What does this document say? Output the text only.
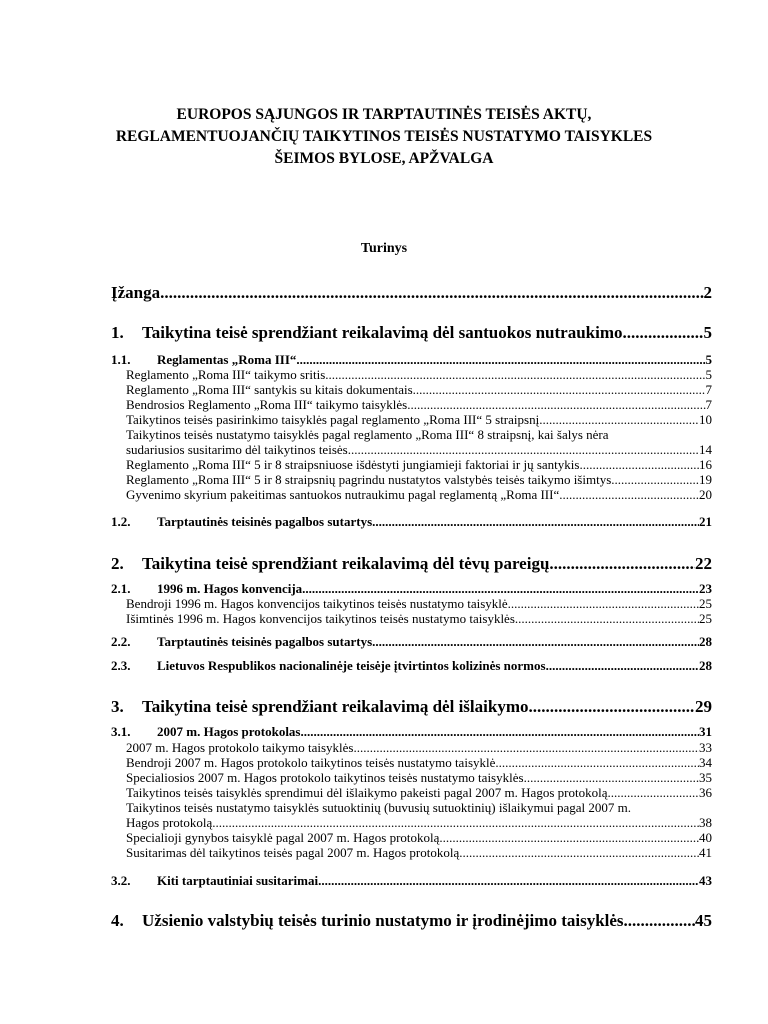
EUROPOS SĄJUNGOS IR TARPTAUTINĖS TEISĖS AKTŲ,
REGLAMENTUOJANČIŲ TAIKYTINOS TEISĖS NUSTATYMO TAISYKLES
ŠEIMOS BYLOSE, APŽVALGA
Turinys
Įžanga .....	2
1.	Taikytina teisė sprendžiant reikalavimą dėl santuokos nutraukimo .....	5
1.1.	Reglamentas „Roma III“ .....	5
Reglamento „Roma III“ taikymo sritis .....	5
Reglamento „Roma III“ santykis su kitais dokumentais .....	7
Bendrosios Reglamento „Roma III“ taikymo taisyklės .....	7
Taikytinos teisės pasirinkimo taisyklės pagal reglamento „Roma III“ 5 straipsnį .....	10
Taikytinos teisės nustatymo taisyklės pagal reglamento „Roma III“ 8 straipsnį, kai šalys nėra
sudariusios susitarimo dėl taikytinos teisės .....	14
Reglamento „Roma III“ 5 ir 8 straipsniuose išdėstyti jungiamieji faktoriai ir jų santykis .....	16
Reglamento „Roma III“ 5 ir 8 straipsnių pagrindu nustatytos valstybės teisės taikymo išimtys .....	19
Gyvenimo skyrium pakeitimas santuokos nutraukimu pagal reglamentą „Roma III“ .....	20
1.2.	Tarptautinės teisinės pagalbos sutartys .....	21
2.	Taikytina teisė sprendžiant reikalavimą dėl tėvų pareigų .....	22
2.1.	1996 m. Hagos konvencija .....	23
Bendroji 1996 m. Hagos konvencijos taikytinos teisės nustatymo taisyklė .....	25
Išimtinės 1996 m. Hagos konvencijos taikytinos teisės nustatymo taisyklės .....	25
2.2.	Tarptautinės teisinės pagalbos sutartys .....	28
2.3.	Lietuvos Respublikos nacionalinėje teisėje įtvirtintos kolizinės normos .....	28
3.	Taikytina teisė sprendžiant reikalavimą dėl išlaikymo .....	29
3.1.	2007 m. Hagos protokolas .....	31
2007 m. Hagos protokolo taikymo taisyklės .....	33
Bendroji 2007 m. Hagos protokolo taikytinos teisės nustatymo taisyklė .....	34
Specialiosios 2007 m. Hagos protokolo taikytinos teisės nustatymo taisyklės .....	35
Taikytinos teisės taisyklės sprendimui dėl išlaikymo pakeisti pagal 2007 m. Hagos protokolą .....	36
Taikytinos teisės nustatymo taisyklės sutuoktinių (buvusių sutuoktinių) išlaikymui pagal 2007 m.
Hagos protokolą .....	38
Specialioji gynybos taisyklė pagal 2007 m. Hagos protokolą .....	40
Susitarimas dėl taikytinos teisės pagal 2007 m. Hagos protokolą .....	41
3.2.	Kiti tarptautiniai susitarimai .....	43
4.	Užsienio valstybių teisės turinio nustatymo ir įrodinėjimo taisyklės .....	45
